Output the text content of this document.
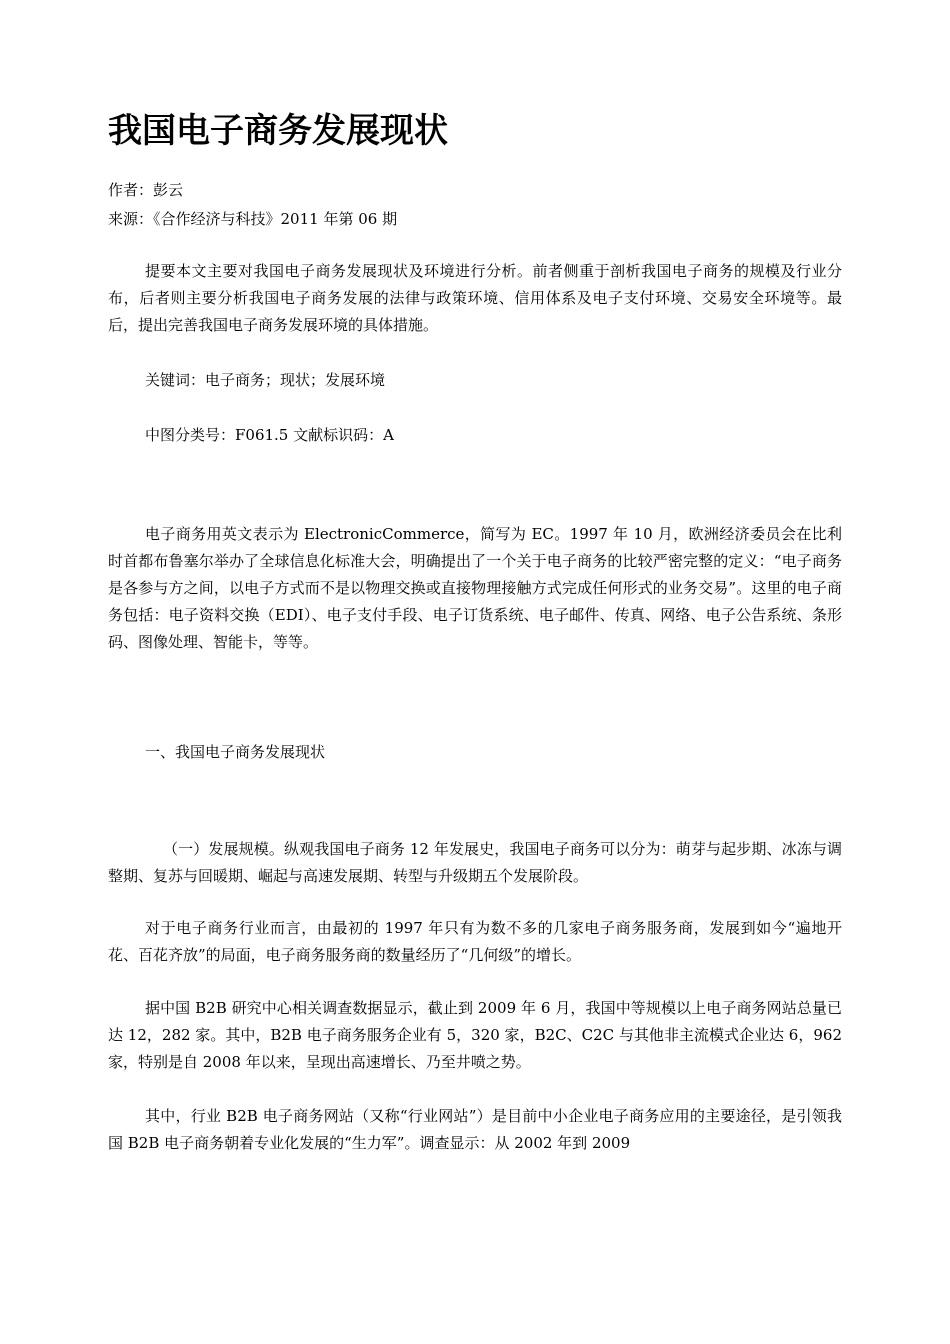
我国电子商务发展现状

作者：彭云

来源：《合作经济与科技》2011 年第 06 期

提要本文主要对我国电子商务发展现状及环境进行分析。前者侧重于剖析我国电子商务的规模及行业分布，后者则主要分析我国电子商务发展的法律与政策环境、信用体系及电子支付环境、交易安全环境等。最后，提出完善我国电子商务发展环境的具体措施。

关键词：电子商务；现状；发展环境

中图分类号：F061.5 文献标识码：A

电子商务用英文表示为 ElectronicCommerce，简写为 EC。1997 年 10 月，欧洲经济委员会在比利时首都布鲁塞尔举办了全球信息化标准大会，明确提出了一个关于电子商务的比较严密完整的定义：“电子商务是各参与方之间，以电子方式而不是以物理交换或直接物理接触方式完成任何形式的业务交易”。这里的电子商务包括：电子资料交换（EDI）、电子支付手段、电子订货系统、电子邮件、传真、网络、电子公告系统、条形码、图像处理、智能卡，等等。

一、我国电子商务发展现状

（一）发展规模。纵观我国电子商务 12 年发展史，我国电子商务可以分为：萌芽与起步期、冰冻与调整期、复苏与回暖期、崛起与高速发展期、转型与升级期五个发展阶段。

对于电子商务行业而言，由最初的 1997 年只有为数不多的几家电子商务服务商，发展到如今“遍地开花、百花齐放”的局面，电子商务服务商的数量经历了“几何级”的增长。

据中国 B2B 研究中心相关调查数据显示，截止到 2009 年 6 月，我国中等规模以上电子商务网站总量已达 12，282 家。其中，B2B 电子商务服务企业有 5，320 家，B2C、C2C 与其他非主流模式企业达 6，962 家，特别是自 2008 年以来，呈现出高速增长、乃至井喷之势。

其中，行业 B2B 电子商务网站（又称“行业网站”）是目前中小企业电子商务应用的主要途径，是引领我国 B2B 电子商务朝着专业化发展的“生力军”。调查显示：从 2002 年到 2009
